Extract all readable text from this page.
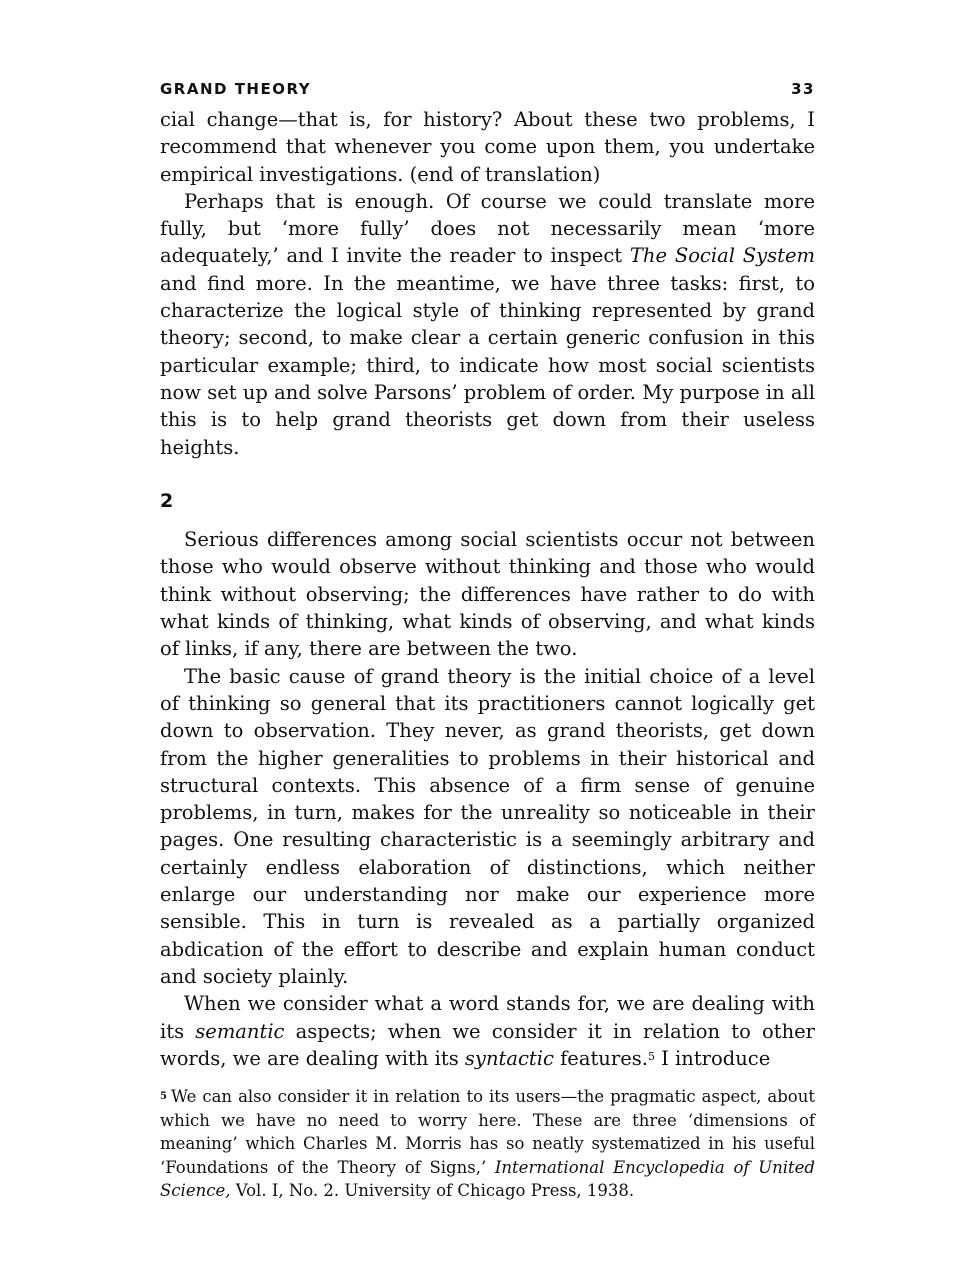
GRAND THEORY	33

cial change—that is, for history? About these two problems, I recommend that whenever you come upon them, you undertake empirical investigations. (end of translation)

Perhaps that is enough. Of course we could translate more fully, but ‘more fully’ does not necessarily mean ‘more adequately,’ and I invite the reader to inspect The Social System and find more. In the meantime, we have three tasks: first, to characterize the logical style of thinking represented by grand theory; second, to make clear a certain generic confusion in this particular example; third, to indicate how most social scientists now set up and solve Parsons’ problem of order. My purpose in all this is to help grand theorists get down from their useless heights.

2

Serious differences among social scientists occur not between those who would observe without thinking and those who would think without observing; the differences have rather to do with what kinds of thinking, what kinds of observing, and what kinds of links, if any, there are between the two.

The basic cause of grand theory is the initial choice of a level of thinking so general that its practitioners cannot logically get down to observation. They never, as grand theorists, get down from the higher generalities to problems in their historical and structural contexts. This absence of a firm sense of genuine problems, in turn, makes for the unreality so noticeable in their pages. One resulting characteristic is a seemingly arbitrary and certainly endless elaboration of distinctions, which neither enlarge our understanding nor make our experience more sensible. This in turn is revealed as a partially organized abdication of the effort to describe and explain human conduct and society plainly.

When we consider what a word stands for, we are dealing with its semantic aspects; when we consider it in relation to other words, we are dealing with its syntactic features.$^5$ I introduce

$^5$ We can also consider it in relation to its users—the pragmatic aspect, about which we have no need to worry here. These are three ‘dimensions of meaning’ which Charles M. Morris has so neatly systematized in his useful ‘Foundations of the Theory of Signs,’ International Encyclopedia of United Science, Vol. I, No. 2. University of Chicago Press, 1938.
